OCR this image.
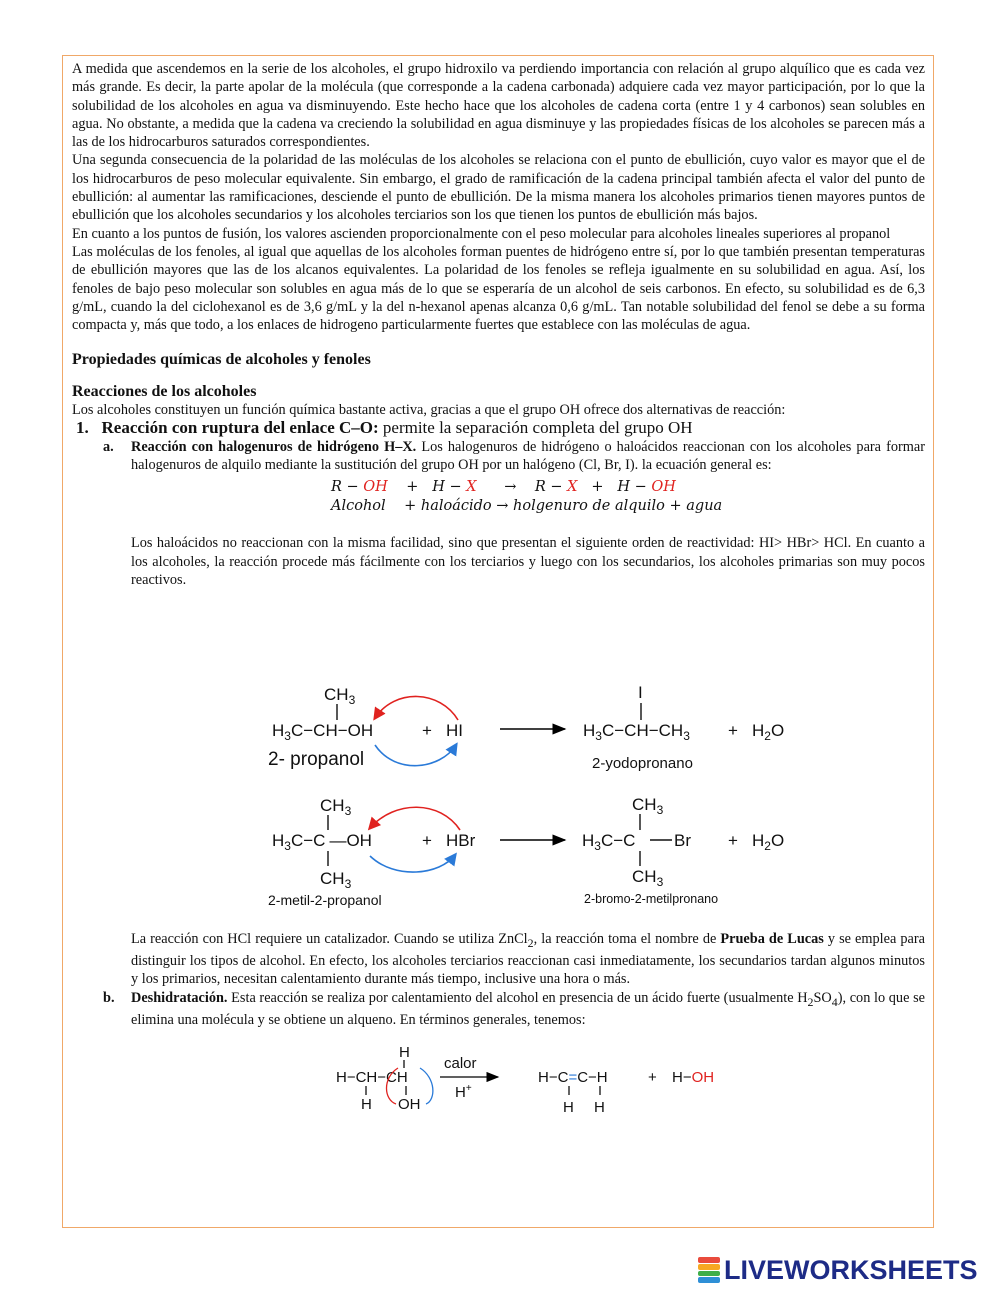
A medida que ascendemos en la serie de los alcoholes, el grupo hidroxilo va perdiendo importancia con relación al grupo alquílico que es cada vez más grande. Es decir, la parte apolar de la molécula (que corresponde a la cadena carbonada) adquiere cada vez mayor participación, por lo que la solubilidad de los alcoholes en agua va disminuyendo. Este hecho hace que los alcoholes de cadena corta (entre 1 y 4 carbonos) sean solubles en agua. No obstante, a medida que la cadena va creciendo la solubilidad en agua disminuye y las propiedades físicas de los alcoholes se parecen más a las de los hidrocarburos saturados correspondientes.

Una segunda consecuencia de la polaridad de las moléculas de los alcoholes se relaciona con el punto de ebullición, cuyo valor es mayor que el de los hidrocarburos de peso molecular equivalente. Sin embargo, el grado de ramificación de la cadena principal también afecta el valor del punto de ebullición: al aumentar las ramificaciones, desciende el punto de ebullición. De la misma manera los alcoholes primarios tienen mayores puntos de ebullición que los alcoholes secundarios y los alcoholes terciarios son los que tienen los puntos de ebullición más bajos.

En cuanto a los puntos de fusión, los valores ascienden proporcionalmente con el peso molecular para alcoholes lineales superiores al propanol

Las moléculas de los fenoles, al igual que aquellas de los alcoholes forman puentes de hidrógeno entre sí, por lo que también presentan temperaturas de ebullición mayores que las de los alcanos equivalentes. La polaridad de los fenoles se refleja igualmente en su solubilidad en agua. Así, los fenoles de bajo peso molecular son solubles en agua más de lo que se esperaría de un alcohol de seis carbonos. En efecto, su solubilidad es de 6,3 g/mL, cuando la del ciclohexanol es de 3,6 g/mL y la del n-hexanol apenas alcanza 0,6 g/mL. Tan notable solubilidad del fenol se debe a su forma compacta y, más que todo, a los enlaces de hidrogeno particularmente fuertes que establece con las moléculas de agua.

Propiedades químicas de alcoholes y fenoles
Reacciones de los alcoholes

Los alcoholes constituyen un función química bastante activa, gracias a que el grupo OH ofrece dos alternativas de reacción:

1. Reacción con ruptura del enlace C–O: permite la separación completa del grupo OH

a. Reacción con halogenuros de hidrógeno H–X. Los halogenuros de hidrógeno o haloácidos reaccionan con los alcoholes para formar halogenuros de alquilo mediante la sustitución del grupo OH por un halógeno (Cl, Br, I). la ecuación general es:

R − OH + H − X → R − X + H − OH
Alcohol + haloácido → holgenuro de alquilo + agua

Los haloácidos no reaccionan con la misma facilidad, sino que presentan el siguiente orden de reactividad: HI> HBr> HCl. En cuanto a los alcoholes, la reacción procede más fácilmente con los terciarios y luego con los secundarios, los alcoholes primarias son muy pocos reactivos.

$CH_3$
$H_3C-CH-OH$	+ HI
2- propanol
I
$H_3C-CH-CH_3 + H_2O$
2-yodopronano
$CH_3$
$H_3C-C$ —OH
$CH_3$
+ HBr
2-metil-2-propanol
$CH_3$
$H_3C-C$ Br
$CH_3$
+ $H_2O$
2-bromo-2-metilpronano
H
H−CH−CH
H OH
calor
H+
H−C=C−H
H H
+ H−OH

La reacción con HCl requiere un catalizador. Cuando se utiliza ZnCl$_2$, la reacción toma el nombre de Prueba de Lucas y se emplea para distinguir los tipos de alcohol. En efecto, los alcoholes terciarios reaccionan casi inmediatamente, los secundarios tardan algunos minutos y los primarios, necesitan calentamiento durante más tiempo, inclusive una hora o más.

b. Deshidratación. Esta reacción se realiza por calentamiento del alcohol en presencia de un ácido fuerte (usualmente $H_2SO_4$), con lo que se elimina una molécula y se obtiene un alqueno. En términos generales, tenemos:

LIVEWORKSHEETS
